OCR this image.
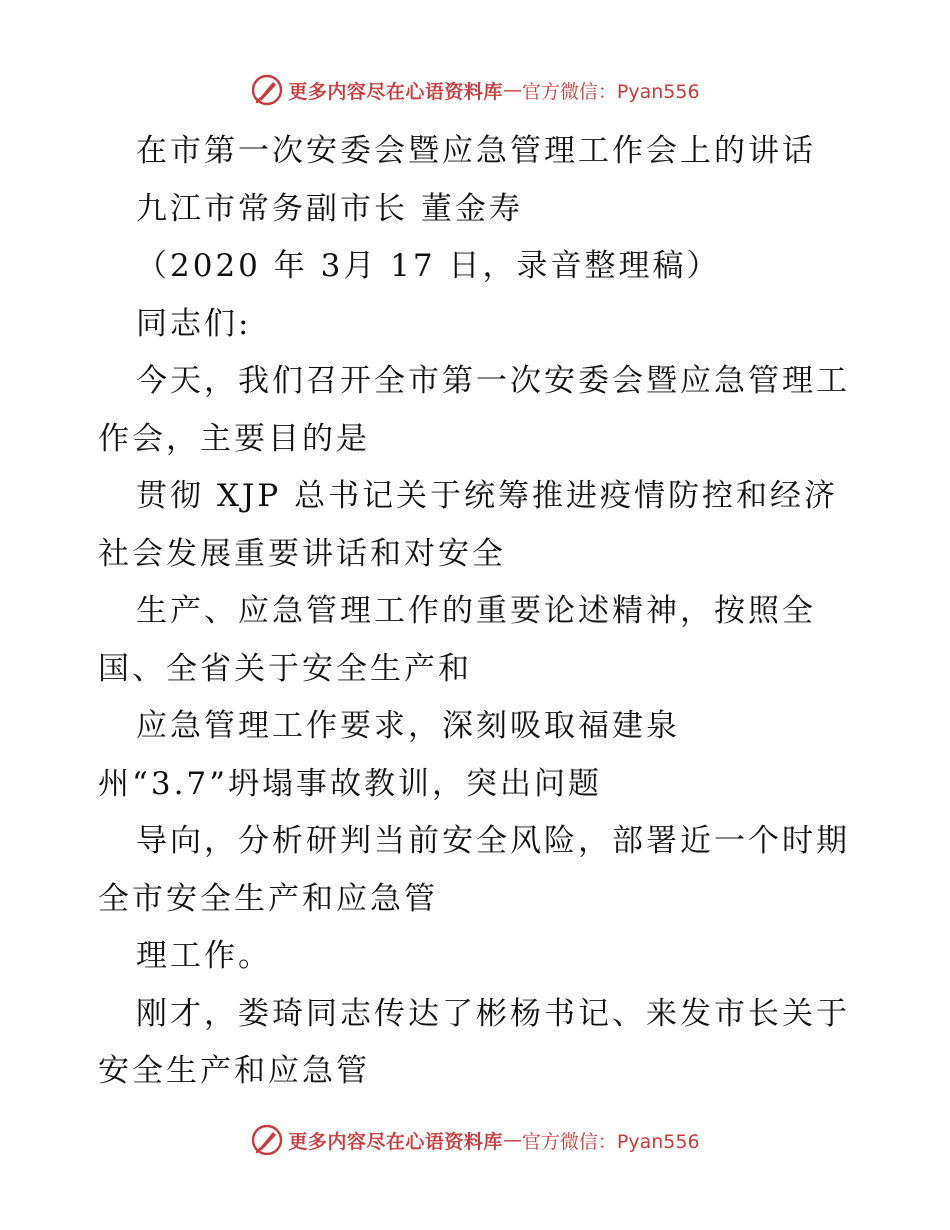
更多内容尽在心语资料库 — 官方微信：Pyan556
在市第一次安委会暨应急管理工作会上的讲话
九江市常务副市长 董金寿
（2020 年 3月 17 日，录音整理稿）
同志们:
今天，我们召开全市第一次安委会暨应急管理工
作会，主要目的是
贯彻 XJP 总书记关于统筹推进疫情防控和经济
社会发展重要讲话和对安全
生产、应急管理工作的重要论述精神，按照全
国、全省关于安全生产和
应急管理工作要求，深刻吸取福建泉
州“3.7”坍塌事故教训，突出问题
导向，分析研判当前安全风险，部署近一个时期
全市安全生产和应急管
理工作。
刚才，娄琦同志传达了彬杨书记、来发市长关于
安全生产和应急管
更多内容尽在心语资料库 — 官方微信：Pyan556
